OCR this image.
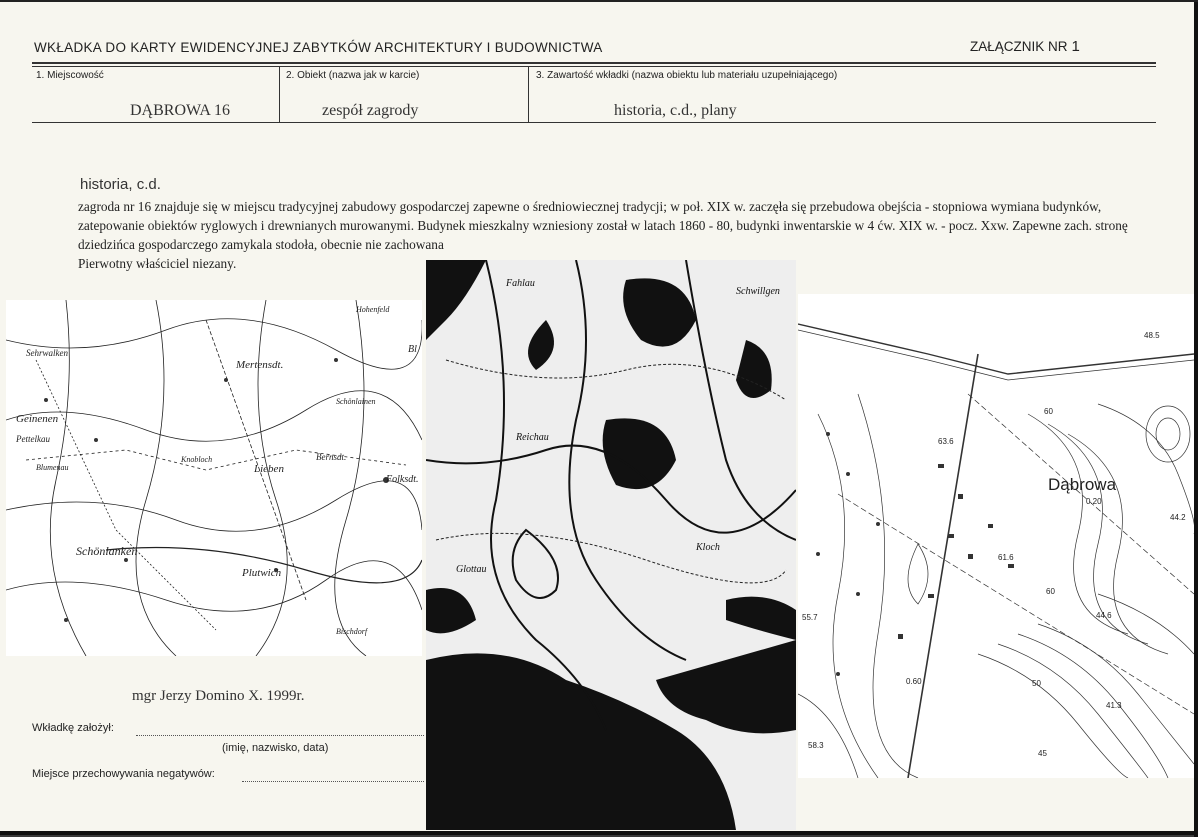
WKŁADKA DO KARTY EWIDENCYJNEJ ZABYTKÓW ARCHITEKTURY I BUDOWNICTWA	ZAŁĄCZNIK NR 1
1. Miejscowość
DĄBROWA 16
2. Obiekt (nazwa jak w karcie)
zespół zagrody
3. Zawartość wkładki (nazwa obiektu lub materiału uzupełniającego)
historia, c.d., plany
historia, c.d.
zagroda nr 16 znajduje się w miejscu tradycyjnej zabudowy gospodarczej zapewne o średniowiecznej tradycji; w poł. XIX w. zaczęła się przebudowa obejścia - stopniowa wymiana budynków, zatepowanie obiektów ryglowych i drewnianych murowanymi. Budynek mieszkalny wzniesiony został w latach 1860 - 80, budynki inwentarskie w 4 ćw. XIX w. - pocz. Xxw. Zapewne zach. stronę dziedzińca gospodarczego zamykala stodoła, obecnie nie zachowana
Pierwotny właściciel niezany.
Schönlanken
Mertensdt.
Hohenfeld
Geinenen
Pettelkau
Bl
Blumenau	Lieben
Knobloch	Bernsdt.
Folksdt.
Schönlainen
Plutwich
Bischdorf
Sehrwalken
Fahlau
Schwillgen
Glottau
Kloch
Reichau
48.5
63.6
60
0.20
44.2
61.6
44.6
60
55.7
0.60	50
41.3
58.3
45
Dąbrowa
mgr Jerzy Domino X. 1999r.
Wkładkę założył:
(imię, nazwisko, data)
Miejsce przechowywania negatywów:
